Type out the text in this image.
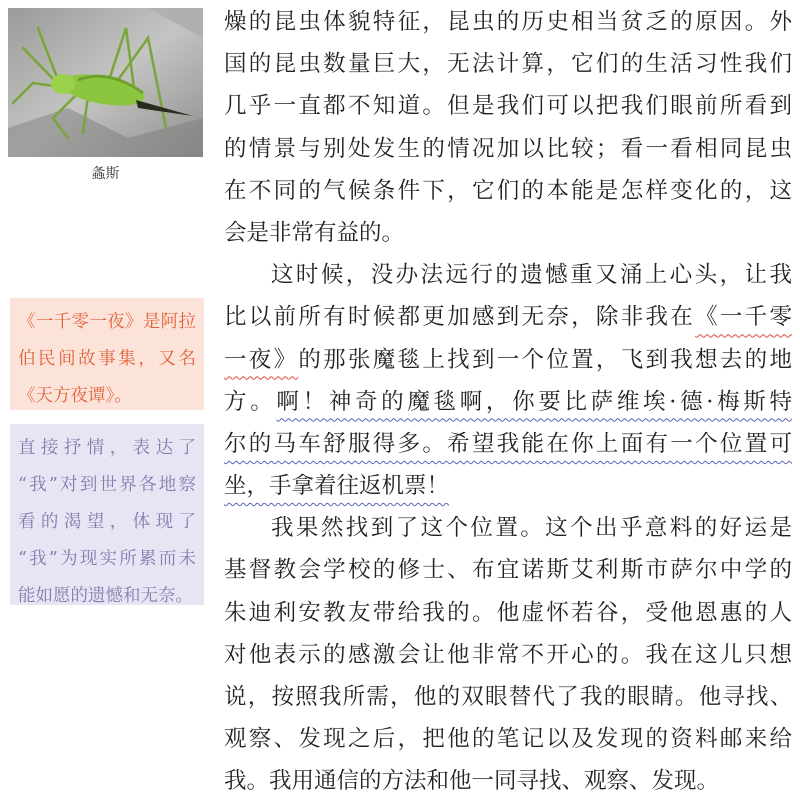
螽斯
《一千零一夜》是阿拉
伯民间故事集，又名
《天方夜谭》。
直接抒情，表达了
“我”对到世界各地察
看的渴望，体现了
“我”为现实所累而未
能如愿的遗憾和无奈。
燥的昆虫体貌特征，昆虫的历史相当贫乏的原因。外
国的昆虫数量巨大，无法计算，它们的生活习性我们
几乎一直都不知道。但是我们可以把我们眼前所看到
的情景与别处发生的情况加以比较；看一看相同昆虫
在不同的气候条件下，它们的本能是怎样变化的，这
会是非常有益的。
这时候，没办法远行的遗憾重又涌上心头，让我
比以前所有时候都更加感到无奈，除非我在《一千零
一夜》的那张魔毯上找到一个位置，飞到我想去的地
方。啊！神奇的魔毯啊，你要比萨维埃·德·梅斯特
尔的马车舒服得多。希望我能在你上面有一个位置可
坐，手拿着往返机票！
我果然找到了这个位置。这个出乎意料的好运是
基督教会学校的修士、布宜诺斯艾利斯市萨尔中学的
朱迪利安教友带给我的。他虚怀若谷，受他恩惠的人
对他表示的感激会让他非常不开心的。我在这儿只想
说，按照我所需，他的双眼替代了我的眼睛。他寻找、
观察、发现之后，把他的笔记以及发现的资料邮来给
我。我用通信的方法和他一同寻找、观察、发现。
